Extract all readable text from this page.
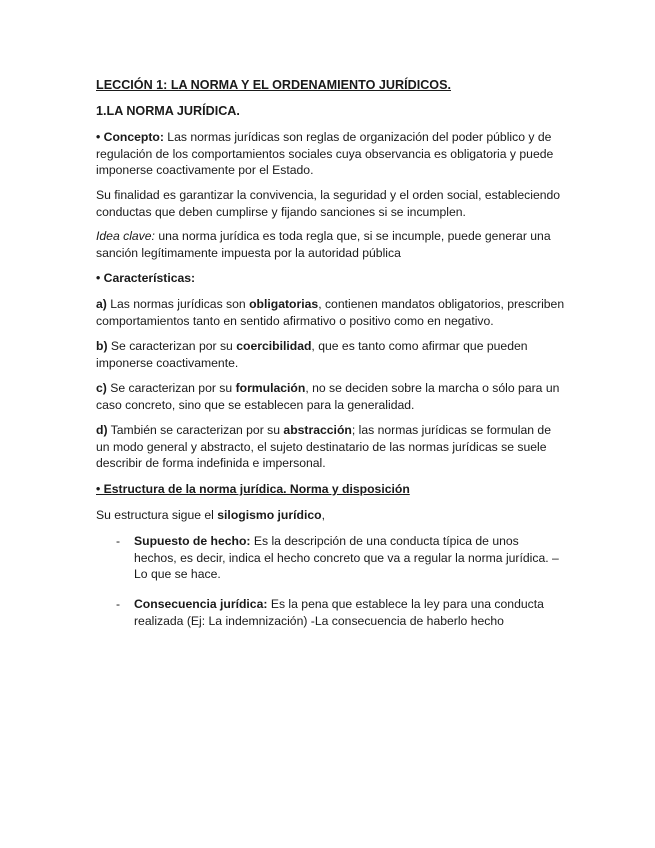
LECCIÓN 1: LA NORMA Y EL ORDENAMIENTO JURÍDICOS.

1.LA NORMA JURÍDICA.

• Concepto: Las normas jurídicas son reglas de organización del poder público y de regulación de los comportamientos sociales cuya observancia es obligatoria y puede imponerse coactivamente por el Estado.

Su finalidad es garantizar la convivencia, la seguridad y el orden social, estableciendo conductas que deben cumplirse y fijando sanciones si se incumplen.

Idea clave: una norma jurídica es toda regla que, si se incumple, puede generar una sanción legítimamente impuesta por la autoridad pública

• Características:

a) Las normas jurídicas son obligatorias, contienen mandatos obligatorios, prescriben comportamientos tanto en sentido afirmativo o positivo como en negativo.

b) Se caracterizan por su coercibilidad, que es tanto como afirmar que pueden imponerse coactivamente.

c) Se caracterizan por su formulación, no se deciden sobre la marcha o sólo para un caso concreto, sino que se establecen para la generalidad.

d) También se caracterizan por su abstracción; las normas jurídicas se formulan de un modo general y abstracto, el sujeto destinatario de las normas jurídicas se suele describir de forma indefinida e impersonal.

• Estructura de la norma jurídica. Norma y disposición

Su estructura sigue el silogismo jurídico,

-	Supuesto de hecho: Es la descripción de una conducta típica de unos hechos, es decir, indica el hecho concreto que va a regular la norma jurídica. – Lo que se hace.

-	Consecuencia jurídica: Es la pena que establece la ley para una conducta realizada (Ej: La indemnización) -La consecuencia de haberlo hecho
